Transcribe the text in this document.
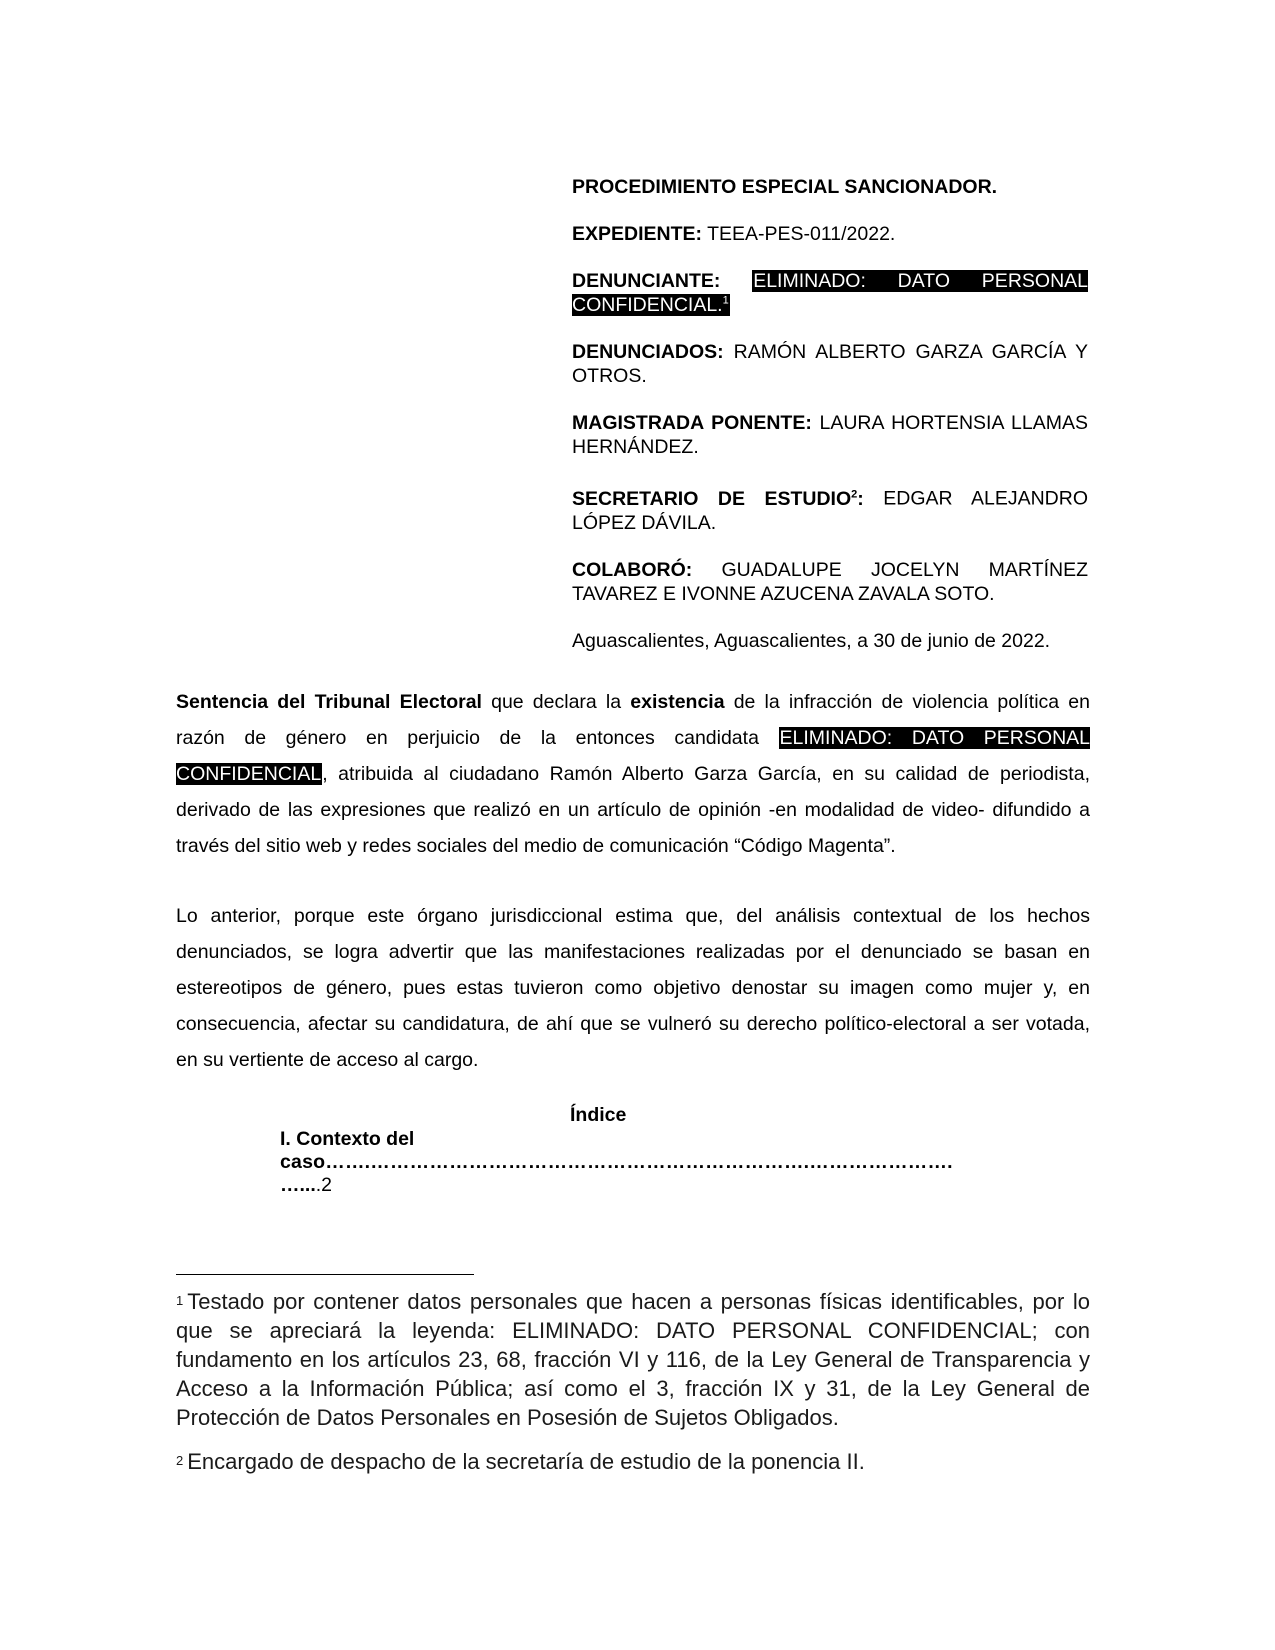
PROCEDIMIENTO ESPECIAL SANCIONADOR.

EXPEDIENTE: TEEA-PES-011/2022.

DENUNCIANTE: ELIMINADO: DATO PERSONAL CONFIDENCIAL.$^1$

DENUNCIADOS: RAMÓN ALBERTO GARZA GARCÍA Y OTROS.

MAGISTRADA PONENTE: LAURA HORTENSIA LLAMAS HERNÁNDEZ.

SECRETARIO DE ESTUDIO$^2$: EDGAR ALEJANDRO LÓPEZ DÁVILA.

COLABORÓ: GUADALUPE JOCELYN MARTÍNEZ TAVAREZ E IVONNE AZUCENA ZAVALA SOTO.

Aguascalientes, Aguascalientes, a 30 de junio de 2022.

Sentencia del Tribunal Electoral que declara la existencia de la infracción de violencia política en razón de género en perjuicio de la entonces candidata ELIMINADO: DATO PERSONAL CONFIDENCIAL, atribuida al ciudadano Ramón Alberto Garza García, en su calidad de periodista, derivado de las expresiones que realizó en un artículo de opinión -en modalidad de video- difundido a través del sitio web y redes sociales del medio de comunicación “Código Magenta”.

Lo anterior, porque este órgano jurisdiccional estima que, del análisis contextual de los hechos denunciados, se logra advertir que las manifestaciones realizadas por el denunciado se basan en estereotipos de género, pues estas tuvieron como objetivo denostar su imagen como mujer y, en consecuencia, afectar su candidatura, de ahí que se vulneró su derecho político-electoral a ser votada, en su vertiente de acceso al cargo.

Índice
I. Contexto del
caso…….………………………………………………………….………………….
…....2

1 Testado por contener datos personales que hacen a personas físicas identificables, por lo que se apreciará la leyenda: ELIMINADO: DATO PERSONAL CONFIDENCIAL; con fundamento en los artículos 23, 68, fracción VI y 116, de la Ley General de Transparencia y Acceso a la Información Pública; así como el 3, fracción IX y 31, de la Ley General de Protección de Datos Personales en Posesión de Sujetos Obligados.

2 Encargado de despacho de la secretaría de estudio de la ponencia II.
